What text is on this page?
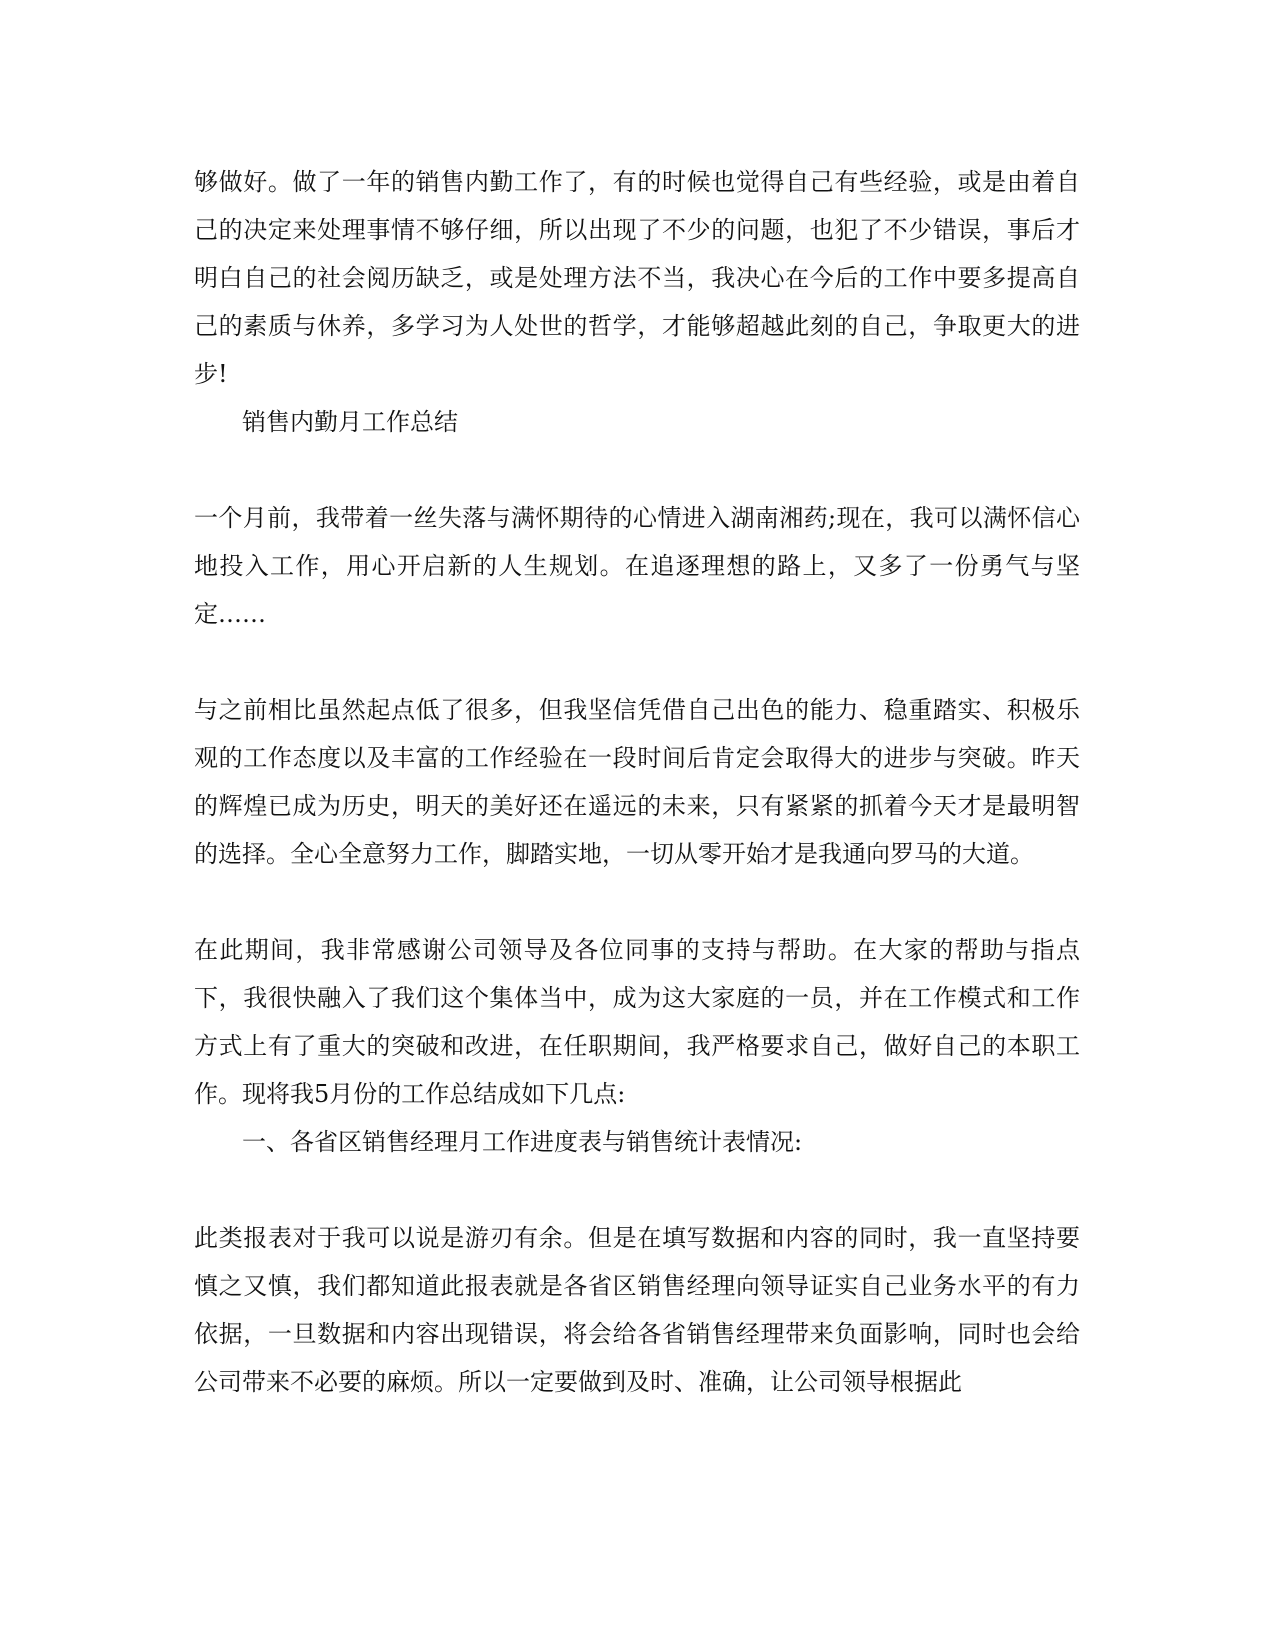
够做好。做了一年的销售内勤工作了，有的时候也觉得自己有些经验，或是由着自己的决定来处理事情不够仔细，所以出现了不少的问题，也犯了不少错误，事后才明白自己的社会阅历缺乏，或是处理方法不当，我决心在今后的工作中要多提高自己的素质与休养，多学习为人处世的哲学，才能够超越此刻的自己，争取更大的进步!

销售内勤月工作总结

一个月前，我带着一丝失落与满怀期待的心情进入湖南湘药;现在，我可以满怀信心地投入工作，用心开启新的人生规划。在追逐理想的路上，又多了一份勇气与坚定……

与之前相比虽然起点低了很多，但我坚信凭借自己出色的能力、稳重踏实、积极乐观的工作态度以及丰富的工作经验在一段时间后肯定会取得大的进步与突破。昨天的辉煌已成为历史，明天的美好还在遥远的未来，只有紧紧的抓着今天才是最明智的选择。全心全意努力工作，脚踏实地，一切从零开始才是我通向罗马的大道。

在此期间，我非常感谢公司领导及各位同事的支持与帮助。在大家的帮助与指点下，我很快融入了我们这个集体当中，成为这大家庭的一员，并在工作模式和工作方式上有了重大的突破和改进，在任职期间，我严格要求自己，做好自己的本职工作。现将我5月份的工作总结成如下几点:

一、各省区销售经理月工作进度表与销售统计表情况:

此类报表对于我可以说是游刃有余。但是在填写数据和内容的同时，我一直坚持要慎之又慎，我们都知道此报表就是各省区销售经理向领导证实自己业务水平的有力依据，一旦数据和内容出现错误，将会给各省销售经理带来负面影响，同时也会给公司带来不必要的麻烦。所以一定要做到及时、准确，让公司领导根据此
